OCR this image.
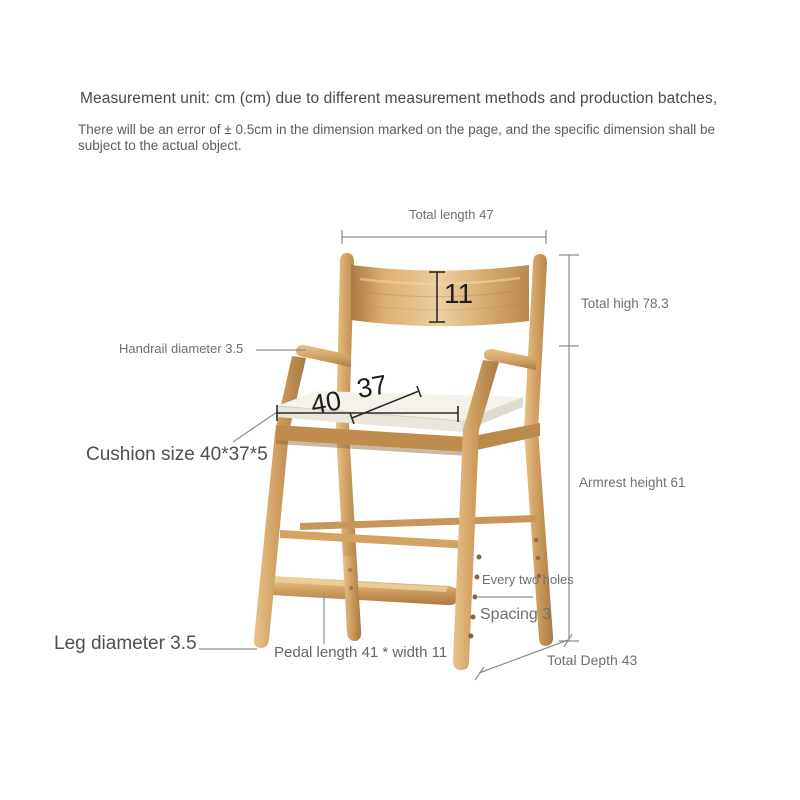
Measurement unit: cm (cm) due to different measurement methods and production batches,
There will be an error of ± 0.5cm in the dimension marked on the page, and the specific dimension shall be subject to the actual object.
Total length 47
Total high 78.3
Armrest height 61
Handrail diameter 3.5
Cushion size 40*37*5
Leg diameter 3.5	Pedal length 41 * width 11
Every two holes
Spacing 3
Total Depth 43
11
40 37
